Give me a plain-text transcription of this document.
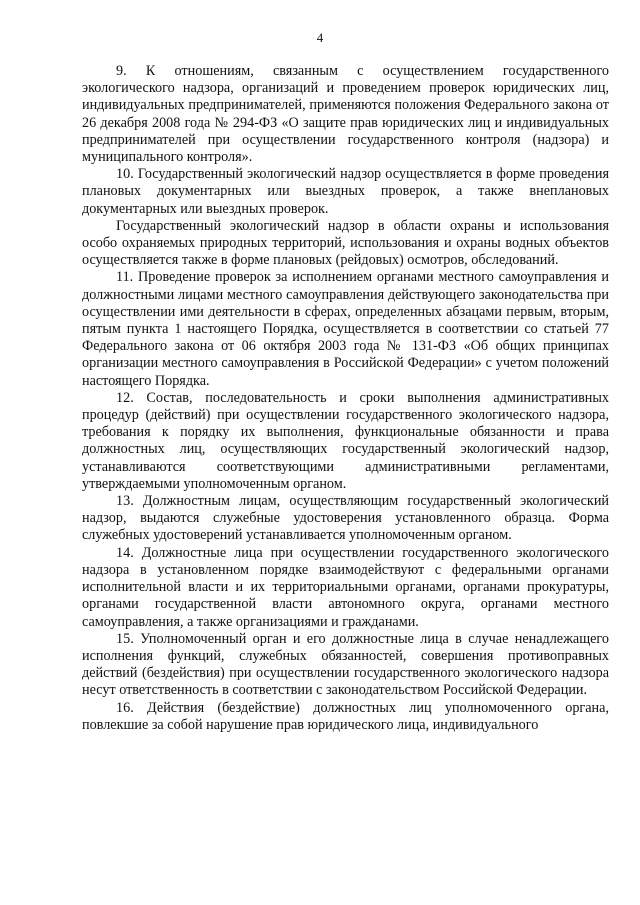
4

9. К отношениям, связанным с осуществлением государственного экологического надзора, организаций и проведением проверок юридических лиц, индивидуальных предпринимателей, применяются положения Федерального закона от 26 декабря 2008 года № 294-ФЗ «О защите прав юридических лиц и индивидуальных предпринимателей при осуществлении государственного контроля (надзора) и муниципального контроля».

10. Государственный экологический надзор осуществляется в форме проведения плановых документарных или выездных проверок, а также внеплановых документарных или выездных проверок.

Государственный экологический надзор в области охраны и использования особо охраняемых природных территорий, использования и охраны водных объектов осуществляется также в форме плановых (рейдовых) осмотров, обследований.

11. Проведение проверок за исполнением органами местного самоуправления и должностными лицами местного самоуправления действующего законодательства при осуществлении ими деятельности в сферах, определенных абзацами первым, вторым, пятым пункта 1 настоящего Порядка, осуществляется в соответствии со статьей 77 Федерального закона от 06 октября 2003 года № 131-ФЗ «Об общих принципах организации местного самоуправления в Российской Федерации» с учетом положений настоящего Порядка.

12. Состав, последовательность и сроки выполнения административных процедур (действий) при осуществлении государственного экологического надзора, требования к порядку их выполнения, функциональные обязанности и права должностных лиц, осуществляющих государственный экологический надзор, устанавливаются соответствующими административными регламентами, утверждаемыми уполномоченным органом.

13. Должностным лицам, осуществляющим государственный экологический надзор, выдаются служебные удостоверения установленного образца. Форма служебных удостоверений устанавливается уполномоченным органом.

14. Должностные лица при осуществлении государственного экологического надзора в установленном порядке взаимодействуют с федеральными органами исполнительной власти и их территориальными органами, органами прокуратуры, органами государственной власти автономного округа, органами местного самоуправления, а также организациями и гражданами.

15. Уполномоченный орган и его должностные лица в случае ненадлежащего исполнения функций, служебных обязанностей, совершения противоправных действий (бездействия) при осуществлении государственного экологического надзора несут ответственность в соответствии с законодательством Российской Федерации.

16. Действия (бездействие) должностных лиц уполномоченного органа, повлекшие за собой нарушение прав юридического лица, индивидуального
